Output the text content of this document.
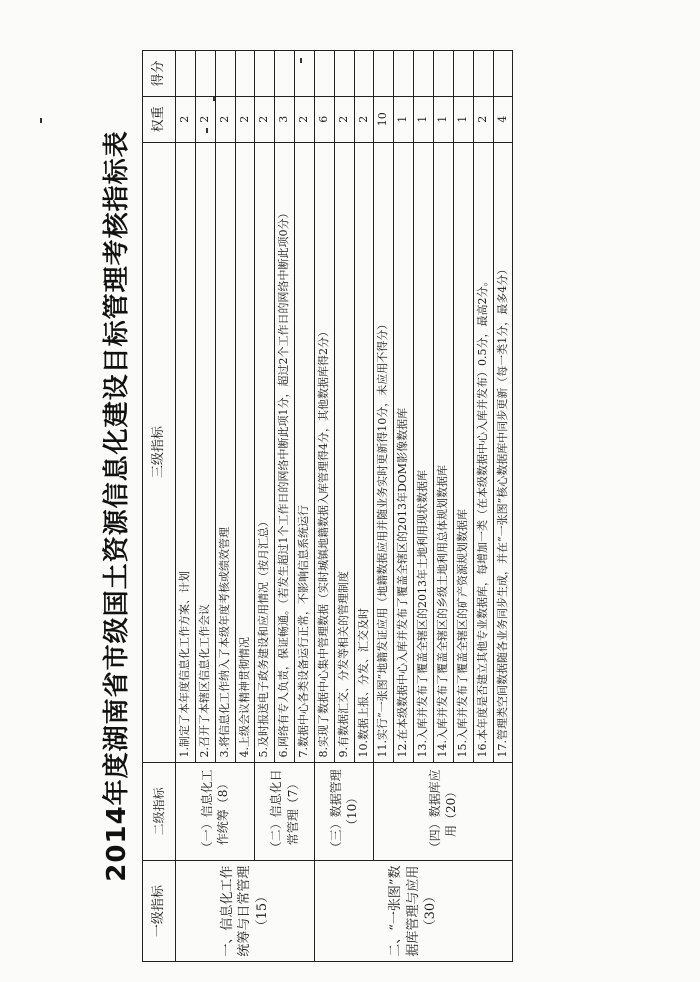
2014年度湖南省市级国土资源信息化建设目标管理考核指标表
一级指标	二级指标	三级指标	权重	得分
一、信息化工作统筹与日常管理（15）	（一）信息化工作统筹（8）	1.制定了本年度信息化工作方案、计划	2	
		2.召开了本辖区信息化工作会议	2	
		3.将信息化工作纳入了本级年度考核或绩效管理	2	
		4.上级会议精神贯彻情况	2	
	（二）信息化日常管理（7）	5.及时报送电子政务建设和应用情况（按月汇总）	2	
		6.网络有专人负责，保证畅通。（若发生超过1个工作日的网络中断此项1分，超过2个工作日的网络中断此项0分）	3	
		7.数据中心各类设备运行正常，不影响信息系统运行	2	
二、“一张图”数据库管理与应用（30）	（三）数据管理（10）	8.实现了数据中心集中管理数据（实时城镇地籍数据入库管理得4分，其他数据库得2分）	6	
		9.有数据汇交、分发等相关的管理制度	2	
		10.数据上报、分发、汇交及时	2	
	（四）数据库应用（20）	11.实行“一张图”地籍发证应用（地籍数据应用并随业务实时更新得10分，未应用不得分）	10	
		12.在本级数据中心入库并发布了覆盖全辖区的2013年DOM影像数据库	1	
		13.入库并发布了覆盖全辖区的2013年土地利用现状数据库	1	
		14.入库并发布了覆盖全辖区的乡级土地利用总体规划数据库	1	
		15.入库并发布了覆盖全辖区的矿产资源规划数据库	1	
		16.本年度是否建立其他专业数据库，每增加一类（在本级数据中心入库并发布）0.5分，最高2分。	2	
		17.管理类空间数据随各业务同步生成，并在“一张图”核心数据库中同步更新（每一类1分，最多4分）	4	
